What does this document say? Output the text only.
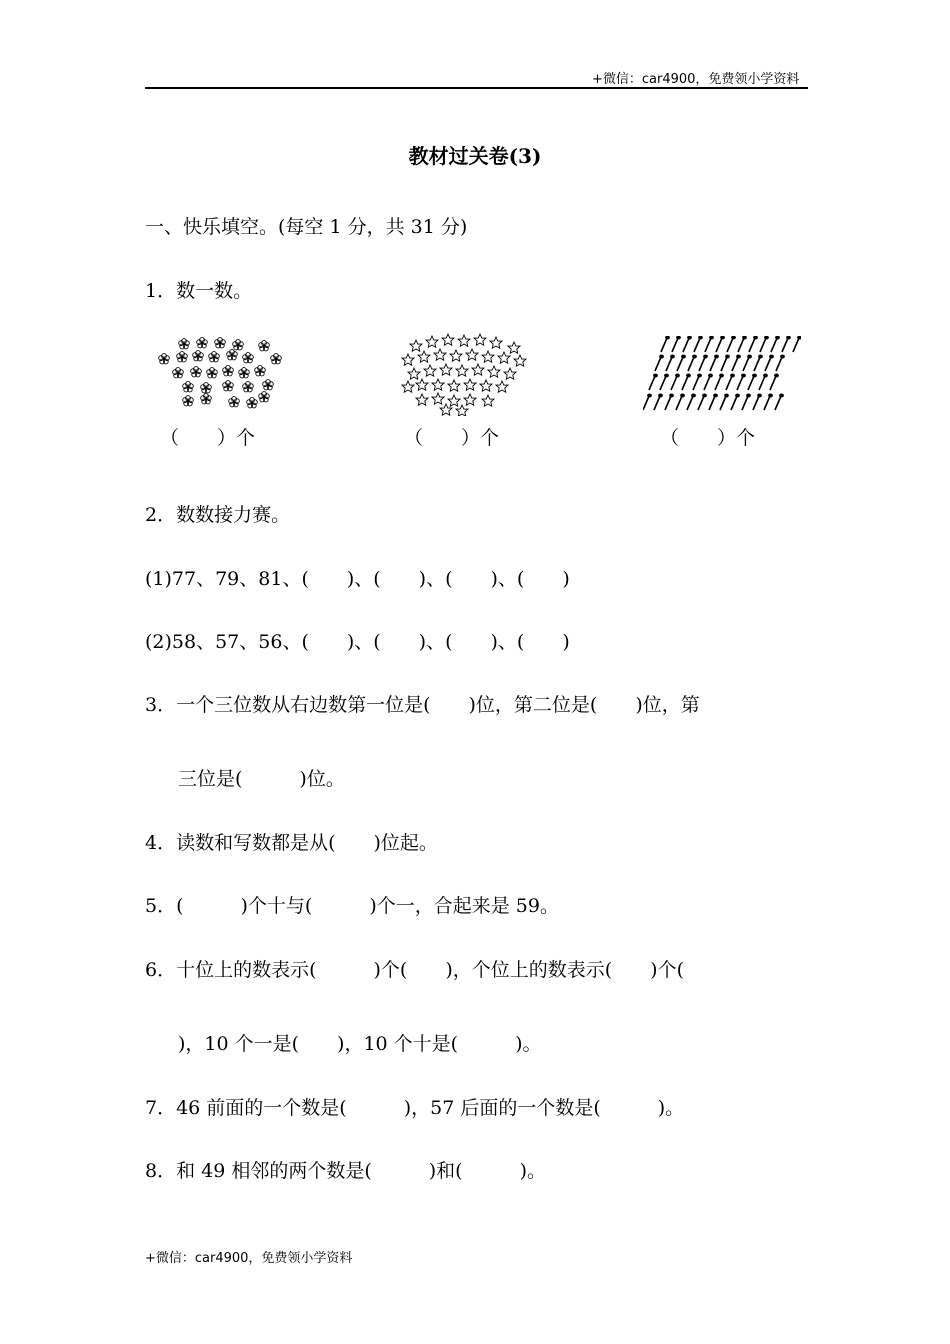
+微信：car4900，免费领小学资料
教材过关卷(3)
一、快乐填空。(每空 1 分，共 31 分)
1．数一数。
（　　）个	（　　）个	（　　）个
2．数数接力赛。
(1)77、79、81、(　　)、(　　)、(　　)、(　　)
(2)58、57、56、(　　)、(　　)、(　　)、(　　)
3．一个三位数从右边数第一位是(　　)位，第二位是(　　)位，第
三位是(　　　)位。
4．读数和写数都是从(　　)位起。
5．(　　　)个十与(　　　)个一，合起来是 59。
6．十位上的数表示(　　　)个(　　)，个位上的数表示(　　)个(
)，10 个一是(　　)，10 个十是(　　　)。
7．46 前面的一个数是(　　　)，57 后面的一个数是(　　　)。
8．和 49 相邻的两个数是(　　　)和(　　　)。
+微信：car4900，免费领小学资料
